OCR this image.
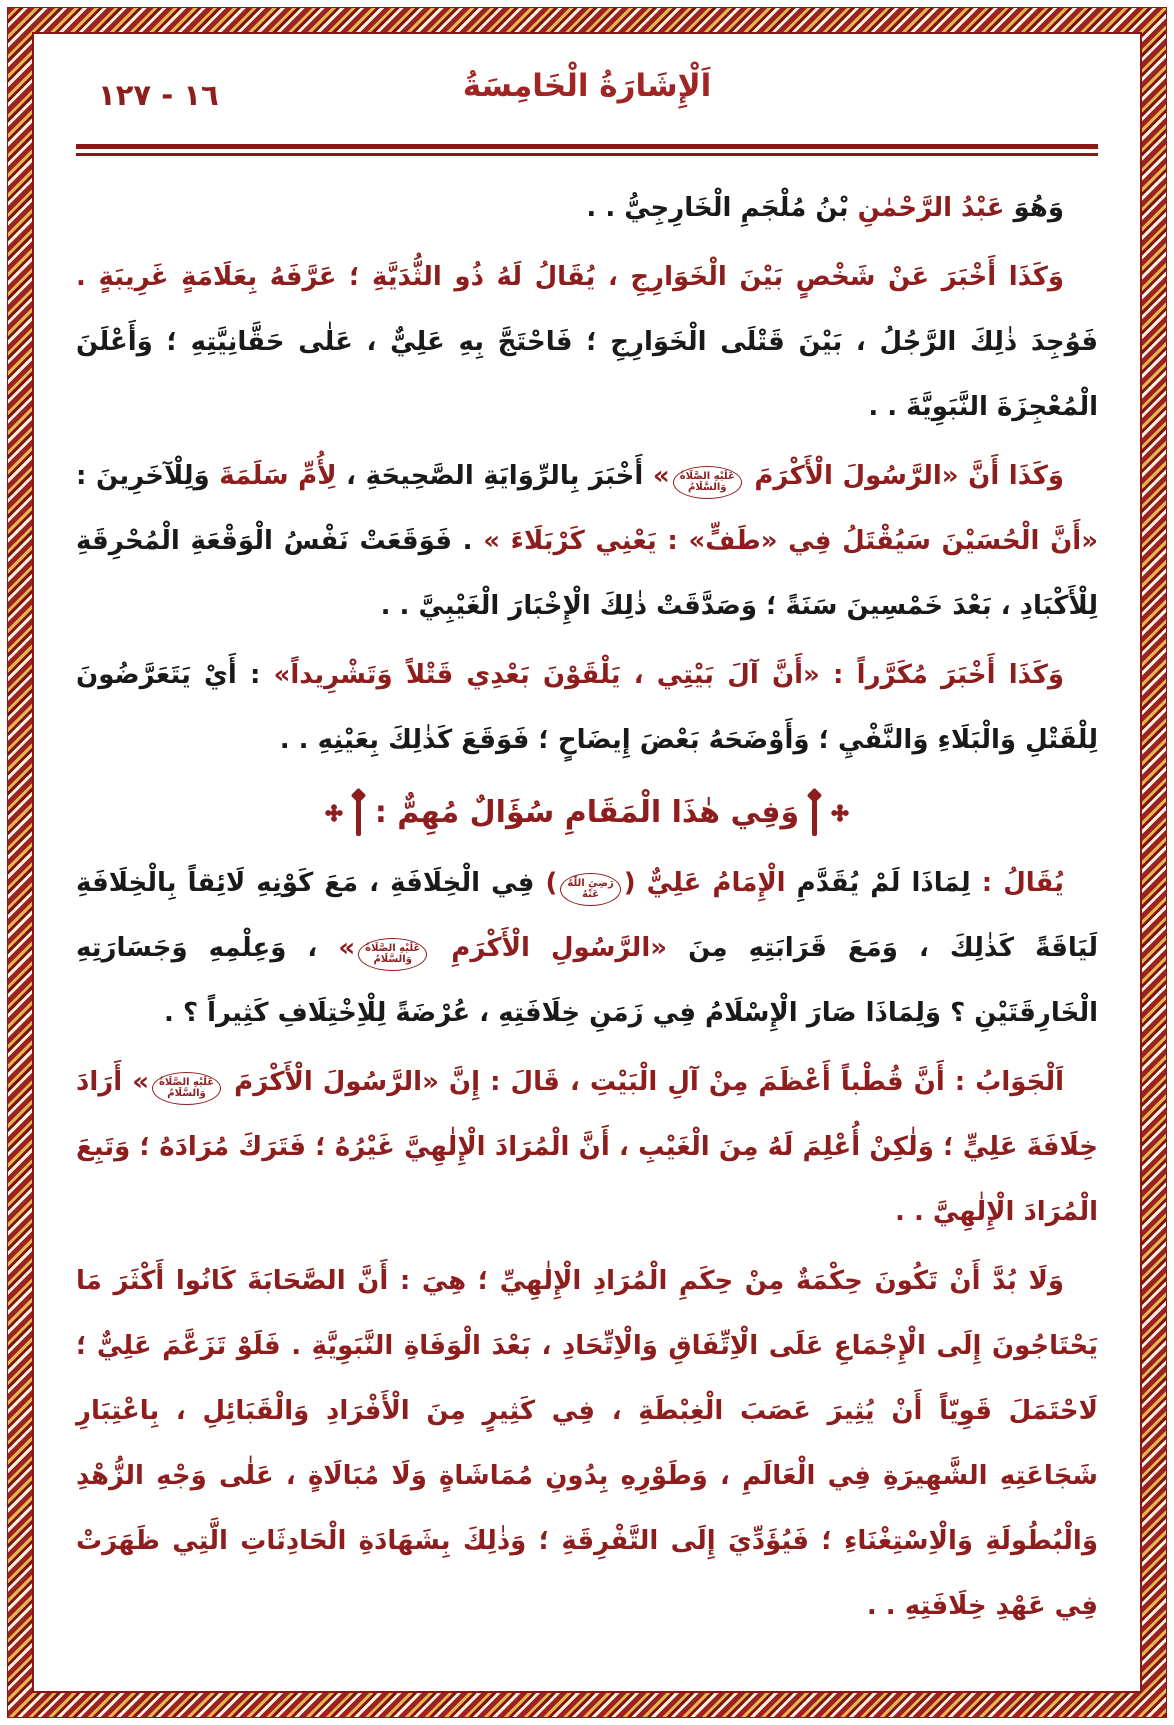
١٦ - ١٢٧	اَلْإِشَارَةُ الْخَامِسَةُ

وَهُوَ عَبْدُ الرَّحْمٰنِ بْنُ مُلْجَمِ الْخَارِجِيُّ . .

وَكَذَا أَخْبَرَ عَنْ شَخْصٍ بَيْنَ الْخَوَارِجِ ، يُقَالُ لَهُ ذُو الثُّدَيَّةِ ؛ عَرَّفَهُ بِعَلَامَةٍ غَرِيبَةٍ . فَوُجِدَ ذٰلِكَ الرَّجُلُ ، بَيْنَ قَتْلَى الْخَوَارِجِ ؛ فَاحْتَجَّ بِهِ عَلِيٌّ ، عَلٰى حَقَّانِيَّتِهِ ؛ وَأَعْلَنَ الْمُعْجِزَةَ النَّبَوِيَّةَ . .

وَكَذَا أَنَّ «الرَّسُولَ الْأَكْرَمَ عَلَيْهِ الصَّلَاةُ
وَالسَّلَامُ» أَخْبَرَ بِالرِّوَايَةِ الصَّحِيحَةِ ، لِأُمِّ سَلَمَةَ وَلِلْآخَرِينَ : «أَنَّ الْحُسَيْنَ سَيُقْتَلُ فِي «طَفٍّ» : يَعْنِي كَرْبَلَاءَ » . فَوَقَعَتْ نَفْسُ الْوَقْعَةِ الْمُحْرِقَةِ لِلْأَكْبَادِ ، بَعْدَ خَمْسِينَ سَنَةً ؛ وَصَدَّقَتْ ذٰلِكَ الْإِخْبَارَ الْغَيْبِيَّ . .

وَكَذَا أَخْبَرَ مُكَرَّراً : «أَنَّ آلَ بَيْتِي ، يَلْقَوْنَ بَعْدِي قَتْلاً وَتَشْرِيداً» : أَيْ يَتَعَرَّضُونَ لِلْقَتْلِ وَالْبَلَاءِ وَالنَّفْيِ ؛ وَأَوْضَحَهُ بَعْضَ إِيضَاحٍ ؛ فَوَقَعَ كَذٰلِكَ بِعَيْنِهِ . .

وَفِي هٰذَا الْمَقَامِ سُؤَالٌ مُهِمٌّ :

يُقَالُ : لِمَاذَا لَمْ يُقَدَّمِ الْإِمَامُ عَلِيٌّ (رَضِيَ اللّٰهُ
عَنْهُ) فِي الْخِلَافَةِ ، مَعَ كَوْنِهِ لَائِقاً بِالْخِلَافَةِ لَيَاقَةً كَذٰلِكَ ، وَمَعَ قَرَابَتِهِ مِنَ «الرَّسُولِ الْأَكْرَمِ عَلَيْهِ الصَّلَاةُ
وَالسَّلَامُ» ، وَعِلْمِهِ وَجَسَارَتِهِ الْخَارِقَتَيْنِ ؟ وَلِمَاذَا صَارَ الْإِسْلَامُ فِي زَمَنِ خِلَافَتِهِ ، عُرْضَةً لِلْاِخْتِلَافِ كَثِيراً ؟ .

اَلْجَوَابُ : أَنَّ قُطْباً أَعْظَمَ مِنْ آلِ الْبَيْتِ ، قَالَ : إِنَّ «الرَّسُولَ الْأَكْرَمَ عَلَيْهِ الصَّلَاةُ
وَالسَّلَامُ» أَرَادَ خِلَافَةَ عَلِيٍّ ؛ وَلٰكِنْ أُعْلِمَ لَهُ مِنَ الْغَيْبِ ، أَنَّ الْمُرَادَ الْإِلٰهِيَّ غَيْرُهُ ؛ فَتَرَكَ مُرَادَهُ ؛ وَتَبِعَ الْمُرَادَ الْإِلٰهِيَّ . .

وَلَا بُدَّ أَنْ تَكُونَ حِكْمَةٌ مِنْ حِكَمِ الْمُرَادِ الْإِلٰهِيِّ ؛ هِيَ : أَنَّ الصَّحَابَةَ كَانُوا أَكْثَرَ مَا يَحْتَاجُونَ إِلَى الْإِجْمَاعِ عَلَى الْاِتِّفَاقِ وَالْاِتِّحَادِ ، بَعْدَ الْوَفَاةِ النَّبَوِيَّةِ . فَلَوْ تَزَعَّمَ عَلِيٌّ ؛ لَاحْتَمَلَ قَوِيّاً أَنْ يُثِيرَ عَصَبَ الْغِبْطَةِ ، فِي كَثِيرٍ مِنَ الْأَفْرَادِ وَالْقَبَائِلِ ، بِاعْتِبَارِ شَجَاعَتِهِ الشَّهِيرَةِ فِي الْعَالَمِ ، وَطَوْرِهِ بِدُونِ مُمَاشَاةٍ وَلَا مُبَالَاةٍ ، عَلٰى وَجْهِ الزُّهْدِ وَالْبُطُولَةِ وَالْاِسْتِغْنَاءِ ؛ فَيُؤَدِّيَ إِلَى التَّفْرِقَةِ ؛ وَذٰلِكَ بِشَهَادَةِ الْحَادِثَاتِ الَّتِي ظَهَرَتْ فِي عَهْدِ خِلَافَتِهِ . .
